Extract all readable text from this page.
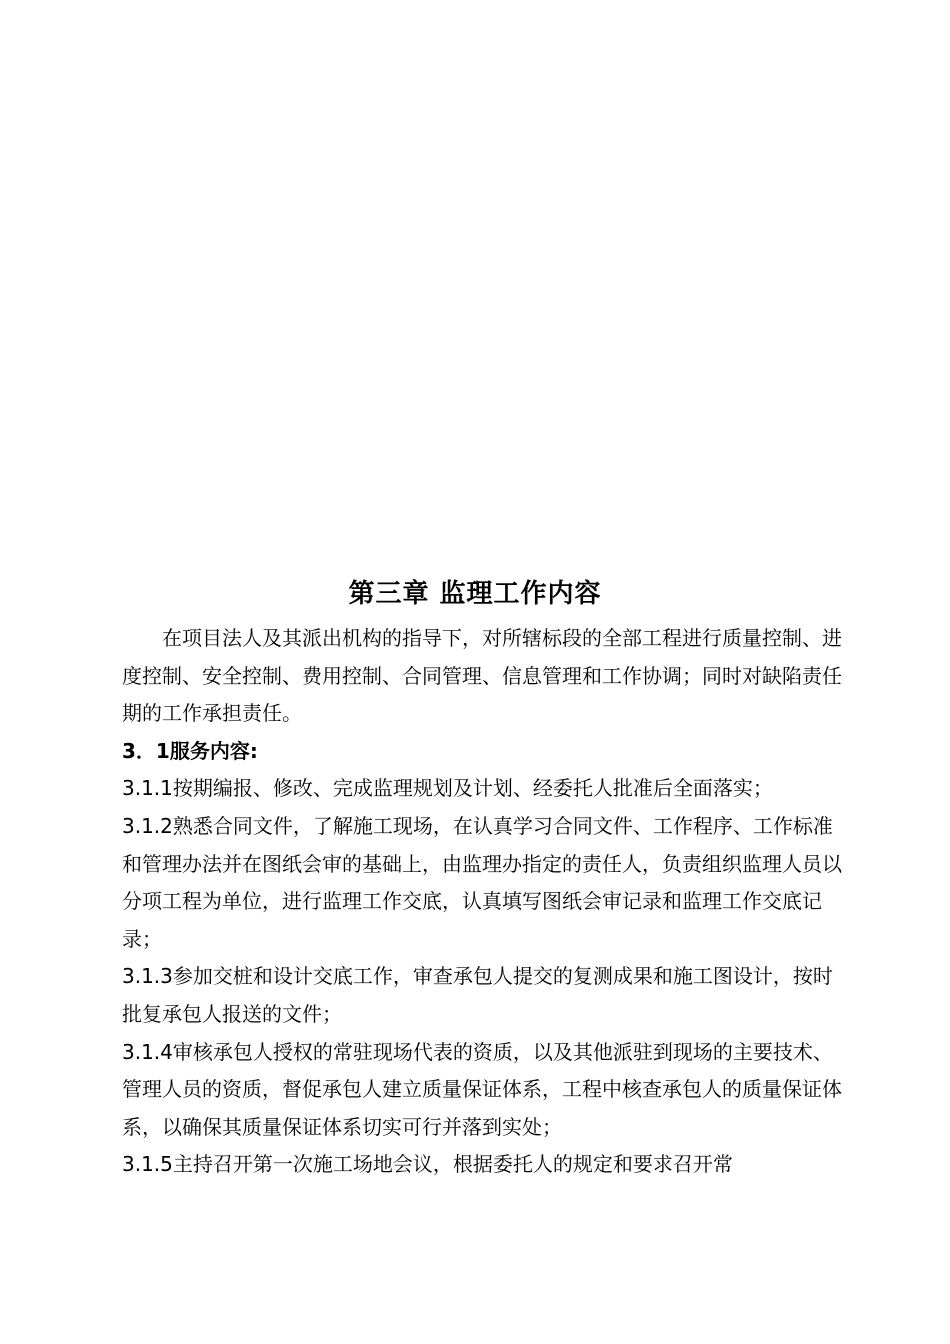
第三章 监理工作内容

在项目法人及其派出机构的指导下，对所辖标段的全部工程进行质量控制、进度控制、安全控制、费用控制、合同管理、信息管理和工作协调；同时对缺陷责任期的工作承担责任。

3．1服务内容:

3.1.1按期编报、修改、完成监理规划及计划、经委托人批准后全面落实；

3.1.2熟悉合同文件，了解施工现场，在认真学习合同文件、工作程序、工作标准和管理办法并在图纸会审的基础上，由监理办指定的责任人，负责组织监理人员以分项工程为单位，进行监理工作交底，认真填写图纸会审记录和监理工作交底记录；

3.1.3参加交桩和设计交底工作，审查承包人提交的复测成果和施工图设计，按时批复承包人报送的文件；

3.1.4审核承包人授权的常驻现场代表的资质，以及其他派驻到现场的主要技术、管理人员的资质，督促承包人建立质量保证体系，工程中核查承包人的质量保证体系，以确保其质量保证体系切实可行并落到实处；

3.1.5主持召开第一次施工场地会议，根据委托人的规定和要求召开常
